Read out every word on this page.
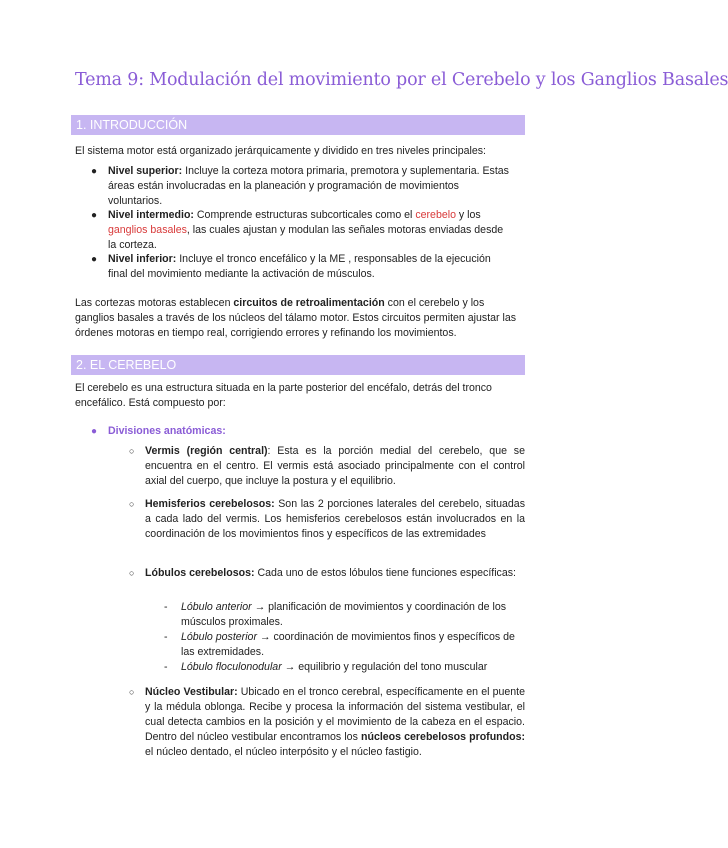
Tema 9: Modulación del movimiento por el Cerebelo y los Ganglios Basales
1. INTRODUCCIÓN
El sistema motor está organizado jerárquicamente y dividido en tres niveles principales:
● Nivel superior: Incluye la corteza motora primaria, premotora y suplementaria. Estas áreas están involucradas en la planeación y programación de movimientos voluntarios.
● Nivel intermedio: Comprende estructuras subcorticales como el cerebelo y los ganglios basales, las cuales ajustan y modulan las señales motoras enviadas desde la corteza.
● Nivel inferior: Incluye el tronco encefálico y la ME , responsables de la ejecución final del movimiento mediante la activación de músculos.
Las cortezas motoras establecen circuitos de retroalimentación con el cerebelo y los ganglios basales a través de los núcleos del tálamo motor. Estos circuitos permiten ajustar las órdenes motoras en tiempo real, corrigiendo errores y refinando los movimientos.
2. EL CEREBELO
El cerebelo es una estructura situada en la parte posterior del encéfalo, detrás del tronco encefálico. Está compuesto por:
● Divisiones anatómicas:
○ Vermis (región central): Esta es la porción medial del cerebelo, que se encuentra en el centro. El vermis está asociado principalmente con el control axial del cuerpo, que incluye la postura y el equilibrio.
○ Hemisferios cerebelosos: Son las 2 porciones laterales del cerebelo, situadas a cada lado del vermis. Los hemisferios cerebelosos están involucrados en la coordinación de los movimientos finos y específicos de las extremidades
○ Lóbulos cerebelosos: Cada uno de estos lóbulos tiene funciones específicas:
- Lóbulo anterior → planificación de movimientos y coordinación de los músculos proximales.
- Lóbulo posterior → coordinación de movimientos finos y específicos de las extremidades.
- Lóbulo floculonodular → equilibrio y regulación del tono muscular
○ Núcleo Vestibular: Ubicado en el tronco cerebral, específicamente en el puente y la médula oblonga. Recibe y procesa la información del sistema vestibular, el cual detecta cambios en la posición y el movimiento de la cabeza en el espacio. Dentro del núcleo vestibular encontramos los núcleos cerebelosos profundos: el núcleo dentado, el núcleo interpósito y el núcleo fastigio.
